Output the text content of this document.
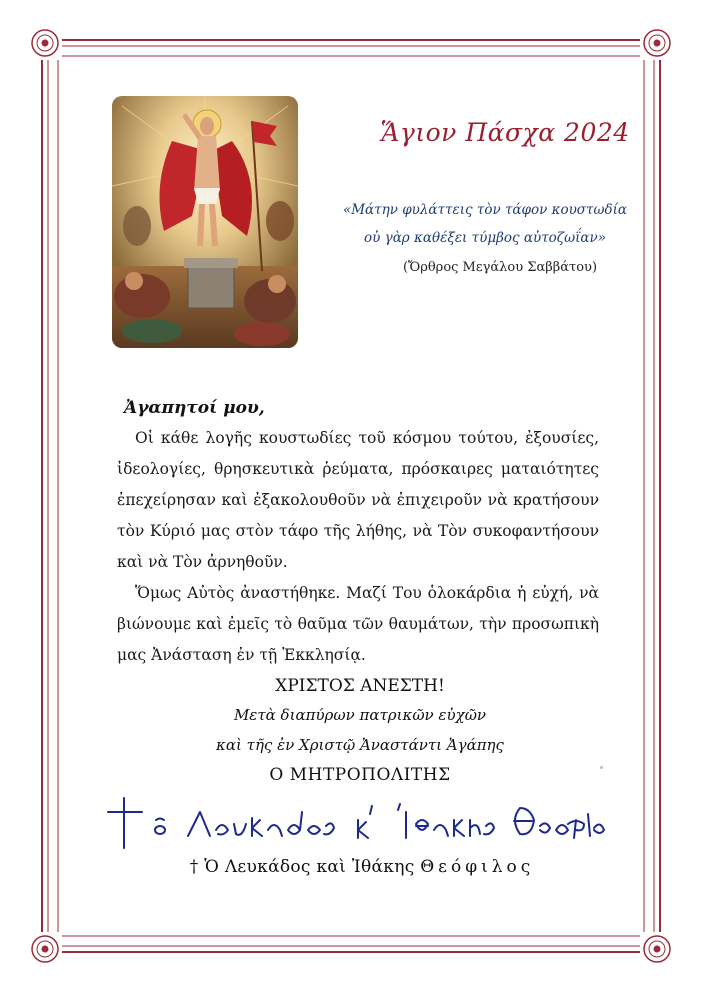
Ἅγιον Πάσχα 2024
«Μάτην φυλάττεις τὸν τάφον κουστωδία
οὐ γὰρ καθέξει τύμβος αὐτοζωΐαν»
(Ὄρθρος Μεγάλου Σαββάτου)
Ἀγαπητοί μου,

Οἱ κάθε λογῆς κουστωδίες τοῦ κόσμου τούτου, ἐξουσίες, ἰδεολογίες, θρησκευτικὰ ῥεύματα, πρόσκαιρες ματαιότητες ἐπεχείρησαν καὶ ἐξακολουθοῦν νὰ ἐπιχειροῦν νὰ κρατήσουν τὸν Κύριό μας στὸν τάφο τῆς λήθης, νὰ Τὸν συκοφαντήσουν καὶ νὰ Τὸν ἀρνηθοῦν.

Ὅμως Αὐτὸς ἀναστήθηκε. Μαζί Του ὁλοκάρδια ἡ εὐχή, νὰ βιώνουμε καὶ ἐμεῖς τὸ θαῦμα τῶν θαυμάτων, τὴν προσωπικὴ μας Ἀνάσταση ἐν τῇ Ἐκκλησίᾳ.

ΧΡΙΣΤΟΣ ΑΝΕΣΤΗ!
Μετὰ διαπύρων πατρικῶν εὐχῶν
καὶ τῆς ἐν Χριστῷ Ἀναστάντι Ἀγάπης
Ο ΜΗΤΡΟΠΟΛΙΤΗΣ
† Ὁ Λευκάδος καὶ Ἰθάκης Θεόφιλος
